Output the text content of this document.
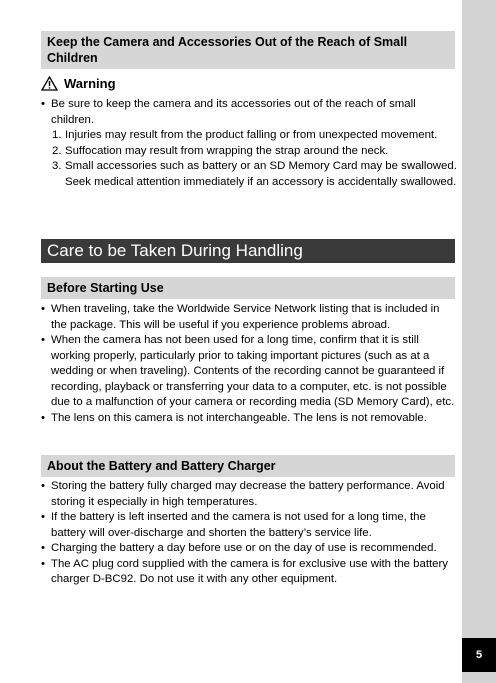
5
Keep the Camera and Accessories Out of the Reach of Small Children
Warning
• Be sure to keep the camera and its accessories out of the reach of small children.
1. Injuries may result from the product falling or from unexpected movement.
2. Suffocation may result from wrapping the strap around the neck.
3. Small accessories such as battery or an SD Memory Card may be swallowed. Seek medical attention immediately if an accessory is accidentally swallowed.
Care to be Taken During Handling
Before Starting Use
• When traveling, take the Worldwide Service Network listing that is included in the package. This will be useful if you experience problems abroad.
• When the camera has not been used for a long time, confirm that it is still working properly, particularly prior to taking important pictures (such as at a wedding or when traveling). Contents of the recording cannot be guaranteed if recording, playback or transferring your data to a computer, etc. is not possible due to a malfunction of your camera or recording media (SD Memory Card), etc.
• The lens on this camera is not interchangeable. The lens is not removable.
About the Battery and Battery Charger
• Storing the battery fully charged may decrease the battery performance. Avoid storing it especially in high temperatures.
• If the battery is left inserted and the camera is not used for a long time, the battery will over-discharge and shorten the battery’s service life.
• Charging the battery a day before use or on the day of use is recommended.
• The AC plug cord supplied with the camera is for exclusive use with the battery charger D-BC92. Do not use it with any other equipment.
